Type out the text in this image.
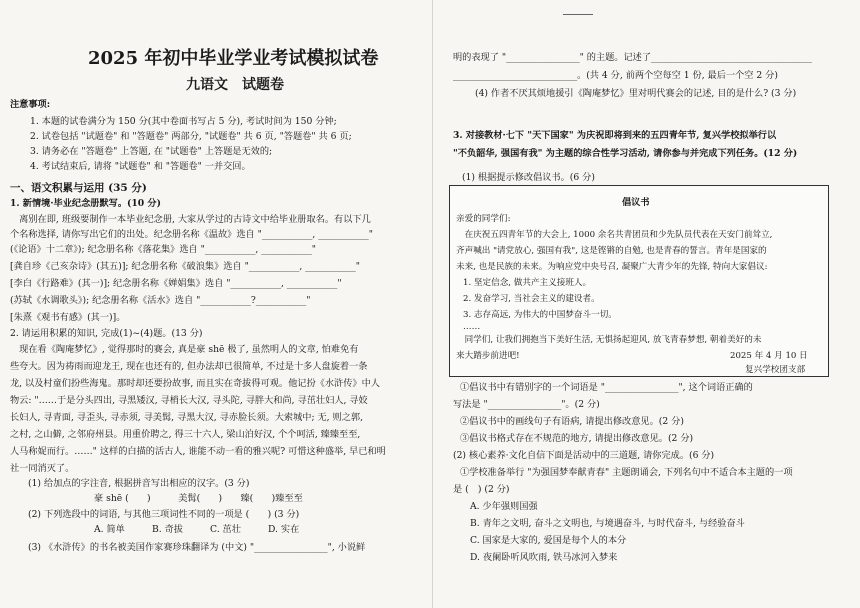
2025 年初中毕业学业考试模拟试卷
九语文　试题卷
注意事项:
1. 本题的试卷满分为 150 分(其中卷面书写占 5 分), 考试时间为 150 分钟;
2. 试卷包括 "试题卷" 和 "答题卷" 两部分, "试题卷" 共 6 页, "答题卷" 共 6 页;
3. 请务必在 "答题卷" 上答题, 在 "试题卷" 上答题是无效的;
4. 考试结束后, 请将 "试题卷" 和 "答题卷" 一并交回。
一、语文积累与运用 (35 分)
1. 新情境·毕业纪念册默写。(10 分)
　离别在即, 班级要制作一本毕业纪念册, 大家从学过的古诗文中给毕业册取名。有以下几
个名称选择, 请你写出它们的出处。纪念册名称《温故》选自 "___________, ___________"
(《论语》十二章》); 纪念册名称《落花集》选自 "___________, ___________"
[龚自珍《己亥杂诗》(其五)]; 纪念册名称《破浪集》选自 "___________, ___________"
[李白《行路难》(其一)]; 纪念册名称《婵娟集》选自 "___________, ___________"
(苏轼《水调歌头》); 纪念册名称《活水》选自 "___________?___________"
[朱熹《观书有感》(其一)]。
2. 请运用积累的知识, 完成(1)~(4)题。(13 分)
　现在看《陶庵梦忆》, 觉得那时的赛会, 真是豪 shē 极了, 虽然明人的文章, 怕难免有
些夸大。因为祷雨而迎龙王, 现在也还有的, 但办法却已很简单, 不过是十多人盘旋着一条
龙, 以及村童们扮些海鬼。那时却还要扮故事, 而且实在奇拔得可观。他记扮《水浒传》中人
物云: "……于是分头四出, 寻黑矮汉, 寻梢长大汉, 寻头陀, 寻胖大和尚, 寻茁壮妇人, 寻姣
长妇人, 寻青面, 寻歪头, 寻赤须, 寻美髯, 寻黑大汉, 寻赤脸长须。大索城中; 无, 则之郭,
之村, 之山僻, 之邻府州县。用重价聘之, 得三十六人, 梁山泊好汉, 个个呵活, 臻臻至至,
人马称娖而行。……" 这样的白描的活古人, 谁能不动一看的雅兴呢? 可惜这种盛举, 早已和明
社一同消灭了。
(1) 给加点的字注音, 根据拼音写出相应的汉字。(3 分)
豪 shē (　　)　　　美髯(　　)　　臻(　　)臻至至
(2) 下列选段中的词语, 与其他三项词性不同的一项是 (　　) (3 分)
A. 简单	B. 奇拔	C. 茁壮	D. 实在
(3) 《水浒传》的书名被美国作家赛珍珠翻译为 (中文) "________________", 小说鲜
明的表现了 "________________" 的主题。记述了___________________________________
___________________________。(共 4 分, 前两个空每空 1 份, 最后一个空 2 分)
(4) 作者不厌其烦地援引《陶庵梦忆》里对明代赛会的记述, 目的是什么? (3 分)
3. 对接教材·七下 "天下国家" 为庆祝即将到来的五四青年节, 复兴学校拟举行以
"不负韶华, 强国有我" 为主题的综合性学习活动, 请你参与并完成下列任务。(12 分)
(1) 根据提示修改倡议书。(6 分)
倡议书
亲爱的同学们:
　在庆祝五四青年节的大会上, 1000 余名共青团员和少先队员代表在天安门前耸立,
齐声喊出 "请党放心, 强国有我", 这是铿锵的自勉, 也是青春的誓言。青年是国家的
未来, 也是民族的未来。为响应党中央号召, 凝聚广大青少年的先锋, 特向大家倡议:
1. 坚定信念, 做共产主义接班人。
2. 发奋学习, 当社会主义的建设者。
3. 志存高远, 为伟大的中国梦奋斗一切。
……
　同学们, 让我们拥抱当下美好生活, 无惧扬起迎风, 放飞青春梦想, 朝着美好的未
来大踏步前进吧!	2025 年 4 月 10 日
复兴学校团支部
①倡议书中有错别字的一个词语是 "________________", 这个词语正确的
写法是 "________________"。(2 分)
②倡议书中的画线句子有语病, 请提出修改意见。(2 分)
③倡议书格式存在不规范的地方, 请提出修改意见。(2 分)
(2) 核心素养·文化自信下面是活动中的三道题, 请你完成。(6 分)
①学校准备举行 "为强国梦奉献青春" 主题朗诵会, 下列名句中不适合本主题的一项
是 (　) (2 分)
A. 少年强则国强
B. 青年之文明, 奋斗之文明也, 与境遇奋斗, 与时代奋斗, 与经验奋斗
C. 国家是大家的, 爱国是每个人的本分
D. 夜阑卧听风吹雨, 铁马冰河入梦来
